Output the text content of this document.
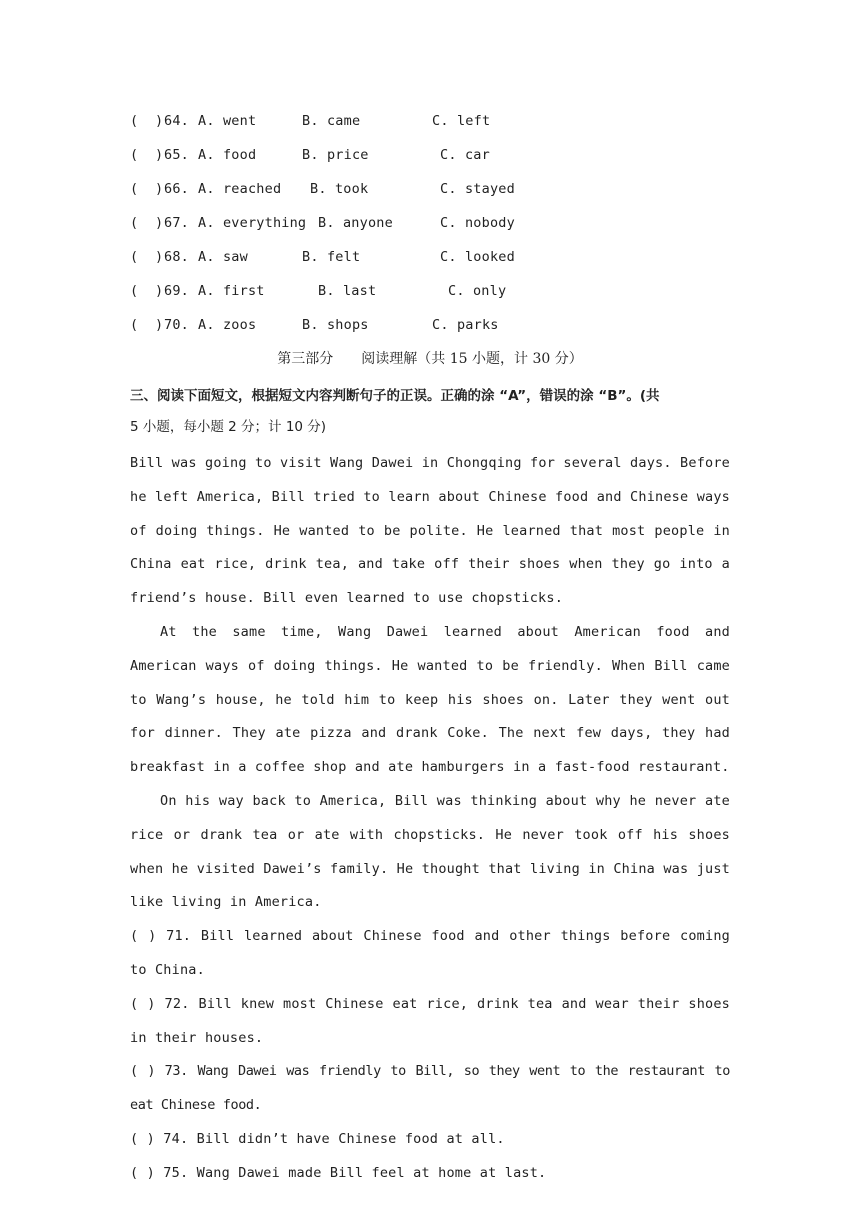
(  )

64.

A. went

	B. came

	C. left

(  )

65.

A. food

	B. price

	C. car

(  )

66.

A. reached

B. took

	C. stayed

(  )

67.

A. everything

B. anyone

	C. nobody

(  )

68.

A. saw

	B. felt

	C. looked

(  )

69.

A. first

	B. last

	C. only

(  )

70.

A. zoos

	B. shops

	C. parks

第三部分 阅读理解（共 15 小题，计 30 分）
三、阅读下面短文，根据短文内容判断句子的正误。正确的涂 “A”，错误的涂 “B”。(共
5 小题，每小题 2 分；计 10 分)
Bill was going to visit Wang Dawei in Chongqing for several days. Before he left America, Bill tried to learn about Chinese food and Chinese ways of doing things. He wanted to be polite. He learned that most people in China eat rice, drink tea, and take off their shoes when they go into a friend’s house. Bill even learned to use chopsticks.
At the same time, Wang Dawei learned about American food and American ways of doing things. He wanted to be friendly. When Bill came to Wang’s house, he told him to keep his shoes on. Later they went out for dinner. They ate pizza and drank Coke. The next few days, they had breakfast in a coffee shop and ate hamburgers in a fast-food restaurant.
On his way back to America, Bill was thinking about why he never ate rice or drank tea or ate with chopsticks. He never took off his shoes when he visited Dawei’s family. He thought that living in China was just like living in America.
( ) 71. Bill learned about Chinese food and other things before coming to China.
( ) 72. Bill knew most Chinese eat rice, drink tea and wear their shoes in their houses.
( ) 73. Wang Dawei was friendly to Bill, so they went to the restaurant to eat Chinese food.
( ) 74. Bill didn’t have Chinese food at all.
( ) 75. Wang Dawei made Bill feel at home at last.
